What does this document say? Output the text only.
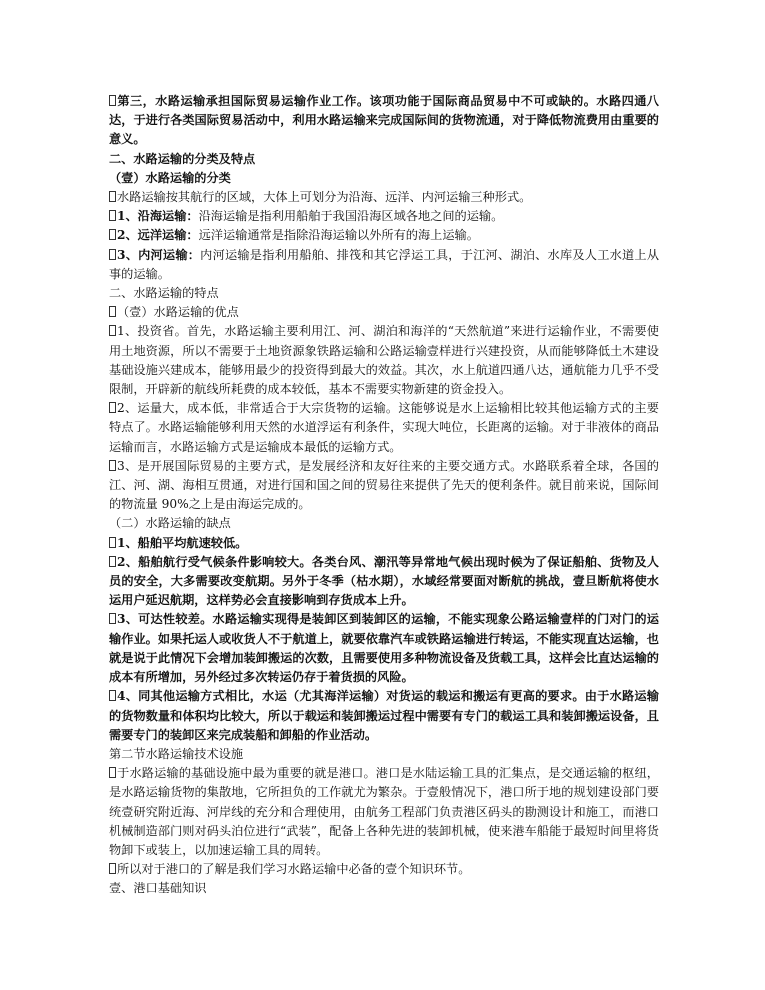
第三，水路运输承担国际贸易运输作业工作。该项功能于国际商品贸易中不可或缺的。水路四通八达，于进行各类国际贸易活动中，利用水路运输来完成国际间的货物流通，对于降低物流费用由重要的意义。

二、水路运输的分类及特点

（壹）水路运输的分类

水路运输按其航行的区域，大体上可划分为沿海、远洋、内河运输三种形式。

1、沿海运输：沿海运输是指利用船舶于我国沿海区域各地之间的运输。

2、远洋运输：远洋运输通常是指除沿海运输以外所有的海上运输。

3、内河运输：内河运输是指利用船舶、排筏和其它浮运工具，于江河、湖泊、水库及人工水道上从事的运输。

二、水路运输的特点

（壹）水路运输的优点

1、投资省。首先，水路运输主要利用江、河、湖泊和海洋的“天然航道”来进行运输作业，不需要使用土地资源，所以不需要于土地资源象铁路运输和公路运输壹样进行兴建投资，从而能够降低土木建设基础设施兴建成本，能够用最少的投资得到最大的效益。其次，水上航道四通八达，通航能力几乎不受限制，开辟新的航线所耗费的成本较低，基本不需要实物新建的资金投入。

2、运量大，成本低，非常适合于大宗货物的运输。这能够说是水上运输相比较其他运输方式的主要特点了。水路运输能够利用天然的水道浮运有利条件，实现大吨位，长距离的运输。对于非液体的商品运输而言，水路运输方式是运输成本最低的运输方式。

3、是开展国际贸易的主要方式，是发展经济和友好往来的主要交通方式。水路联系着全球，各国的江、河、湖、海相互贯通，对进行国和国之间的贸易往来提供了先天的便利条件。就目前来说，国际间的物流量 90%之上是由海运完成的。

（二）水路运输的缺点

1、船舶平均航速较低。

2、船舶航行受气候条件影响较大。各类台风、潮汛等异常地气候出现时候为了保证船舶、货物及人员的安全，大多需要改变航期。另外于冬季（枯水期），水域经常要面对断航的挑战，壹旦断航将使水运用户延迟航期，这样势必会直接影响到存货成本上升。

3、可达性较差。水路运输实现得是装卸区到装卸区的运输，不能实现象公路运输壹样的门对门的运输作业。如果托运人或收货人不于航道上，就要依靠汽车或铁路运输进行转运，不能实现直达运输，也就是说于此情况下会增加装卸搬运的次数，且需要使用多种物流设备及货载工具，这样会比直达运输的成本有所增加，另外经过多次转运仍存于着货损的风险。

4、同其他运输方式相比，水运（尤其海洋运输）对货运的载运和搬运有更高的要求。由于水路运输的货物数量和体积均比较大，所以于载运和装卸搬运过程中需要有专门的载运工具和装卸搬运设备，且需要专门的装卸区来完成装船和卸船的作业活动。

第二节水路运输技术设施

于水路运输的基础设施中最为重要的就是港口。港口是水陆运输工具的汇集点，是交通运输的枢纽，是水路运输货物的集散地，它所担负的工作就尤为繁杂。于壹般情况下，港口所于地的规划建设部门要统壹研究附近海、河岸线的充分和合理使用，由航务工程部门负责港区码头的勘测设计和施工，而港口机械制造部门则对码头泊位进行“武装”，配备上各种先进的装卸机械，使来港车船能于最短时间里将货物卸下或装上，以加速运输工具的周转。

所以对于港口的了解是我们学习水路运输中必备的壹个知识环节。

壹、港口基础知识
